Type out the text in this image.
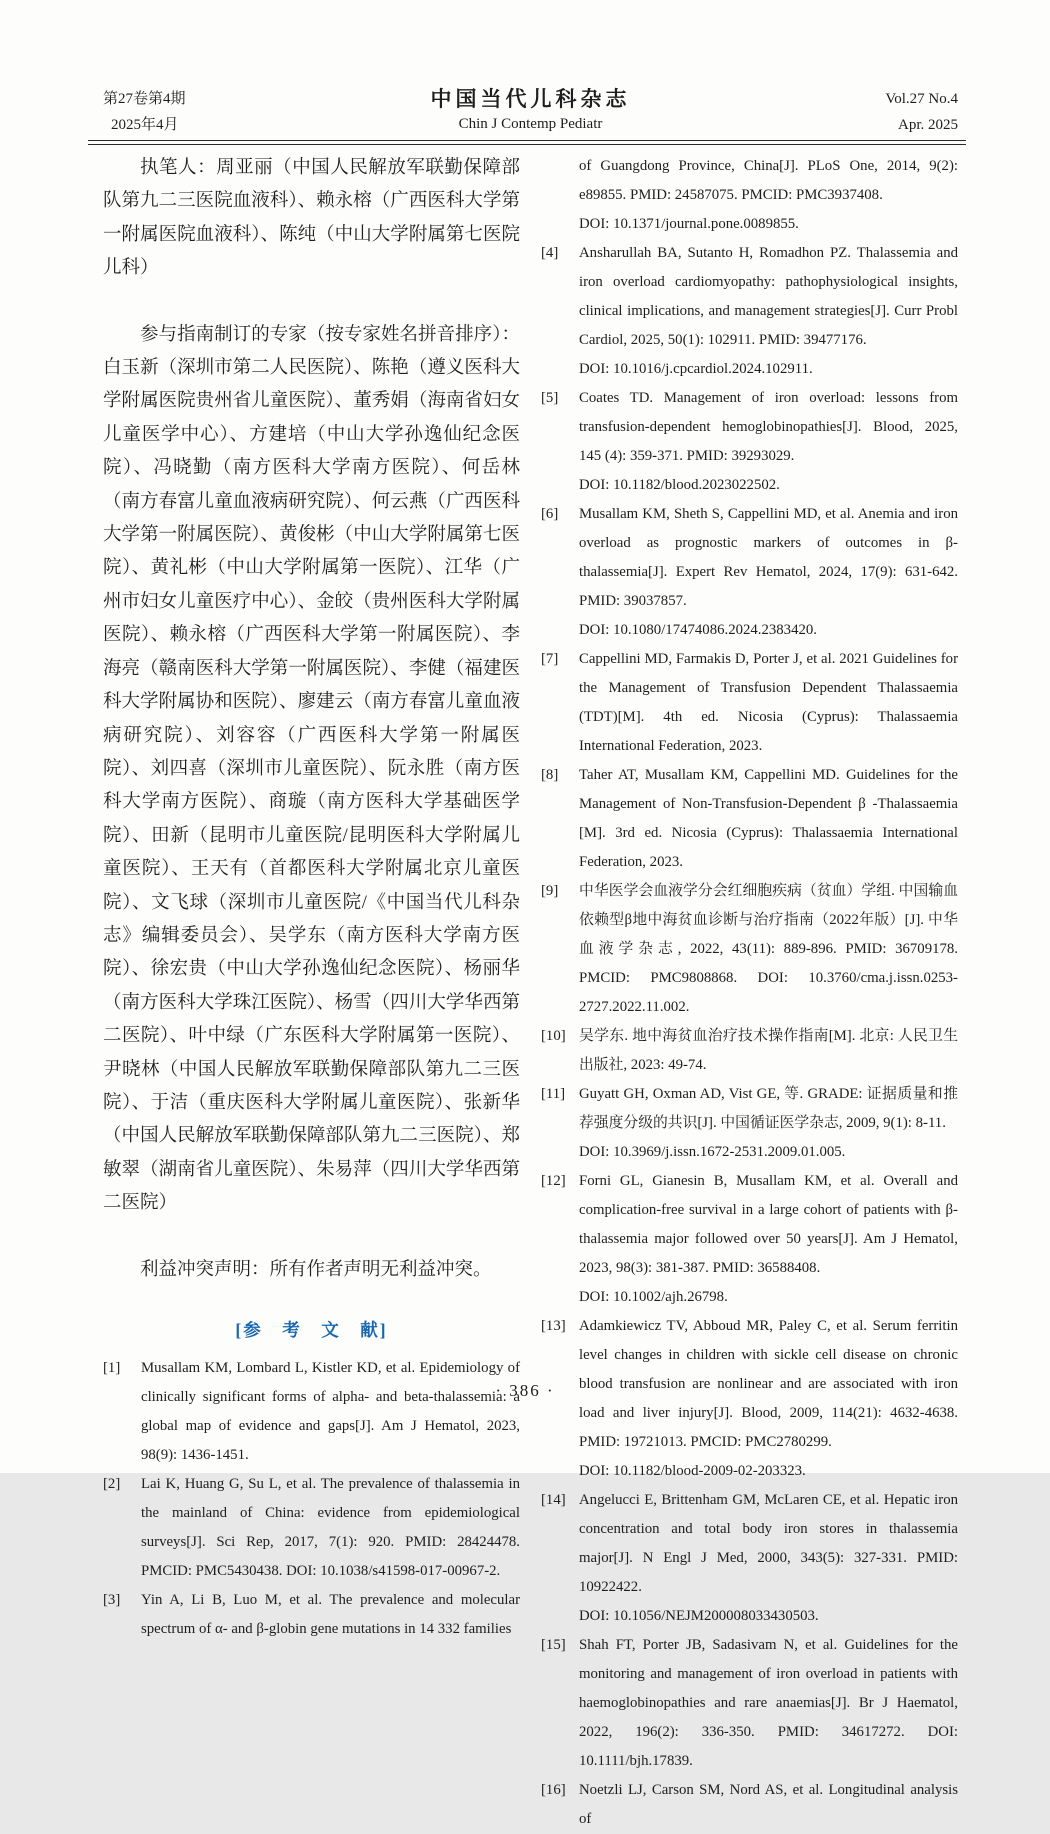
第27卷第4期
2025年4月
中国当代儿科杂志
Chin J Contemp Pediatr
Vol.27 No.4
Apr. 2025

执笔人：周亚丽（中国人民解放军联勤保障部队第九二三医院血液科）、赖永榕（广西医科大学第一附属医院血液科）、陈纯（中山大学附属第七医院儿科）

参与指南制订的专家（按专家姓名拼音排序）：白玉新（深圳市第二人民医院）、陈艳（遵义医科大学附属医院贵州省儿童医院）、董秀娟（海南省妇女儿童医学中心）、方建培（中山大学孙逸仙纪念医院）、冯晓勤（南方医科大学南方医院）、何岳林（南方春富儿童血液病研究院）、何云燕（广西医科大学第一附属医院）、黄俊彬（中山大学附属第七医院）、黄礼彬（中山大学附属第一医院）、江华（广州市妇女儿童医疗中心）、金皎（贵州医科大学附属医院）、赖永榕（广西医科大学第一附属医院）、李海亮（赣南医科大学第一附属医院）、李健（福建医科大学附属协和医院）、廖建云（南方春富儿童血液病研究院）、刘容容（广西医科大学第一附属医院）、刘四喜（深圳市儿童医院）、阮永胜（南方医科大学南方医院）、商璇（南方医科大学基础医学院）、田新（昆明市儿童医院/昆明医科大学附属儿童医院）、王天有（首都医科大学附属北京儿童医院）、文飞球（深圳市儿童医院/《中国当代儿科杂志》编辑委员会）、吴学东（南方医科大学南方医院）、徐宏贵（中山大学孙逸仙纪念医院）、杨丽华（南方医科大学珠江医院）、杨雪（四川大学华西第二医院）、叶中绿（广东医科大学附属第一医院）、尹晓林（中国人民解放军联勤保障部队第九二三医院）、于洁（重庆医科大学附属儿童医院）、张新华（中国人民解放军联勤保障部队第九二三医院）、郑敏翠（湖南省儿童医院）、朱易萍（四川大学华西第二医院）

利益冲突声明：所有作者声明无利益冲突。

[参　考　文　献]
[1] Musallam KM, Lombard L, Kistler KD, et al. Epidemiology of clinically significant forms of alpha- and beta-thalassemia: a global map of evidence and gaps[J]. Am J Hematol, 2023, 98(9): 1436-1451.
[2] Lai K, Huang G, Su L, et al. The prevalence of thalassemia in the mainland of China: evidence from epidemiological surveys[J]. Sci Rep, 2017, 7(1): 920. PMID: 28424478. PMCID: PMC5430438. DOI: 10.1038/s41598-017-00967-2.
[3] Yin A, Li B, Luo M, et al. The prevalence and molecular spectrum of α- and β-globin gene mutations in 14 332 families
of Guangdong Province, China[J]. PLoS One, 2014, 9(2): e89855. PMID: 24587075. PMCID: PMC3937408.
DOI: 10.1371/journal.pone.0089855.
[4] Ansharullah BA, Sutanto H, Romadhon PZ. Thalassemia and iron overload cardiomyopathy: pathophysiological insights, clinical implications, and management strategies[J]. Curr Probl Cardiol, 2025, 50(1): 102911. PMID: 39477176.
DOI: 10.1016/j.cpcardiol.2024.102911.
[5] Coates TD. Management of iron overload: lessons from transfusion-dependent hemoglobinopathies[J]. Blood, 2025, 145 (4): 359-371. PMID: 39293029.
DOI: 10.1182/blood.2023022502.
[6] Musallam KM, Sheth S, Cappellini MD, et al. Anemia and iron overload as prognostic markers of outcomes in β-thalassemia[J]. Expert Rev Hematol, 2024, 17(9): 631-642. PMID: 39037857.
DOI: 10.1080/17474086.2024.2383420.
[7] Cappellini MD, Farmakis D, Porter J, et al. 2021 Guidelines for the Management of Transfusion Dependent Thalassaemia (TDT)[M]. 4th ed. Nicosia (Cyprus): Thalassaemia International Federation, 2023.
[8] Taher AT, Musallam KM, Cappellini MD. Guidelines for the Management of Non-Transfusion-Dependent β -Thalassaemia [M]. 3rd ed. Nicosia (Cyprus): Thalassaemia International Federation, 2023.
[9] 中华医学会血液学分会红细胞疾病（贫血）学组. 中国输血依赖型β地中海贫血诊断与治疗指南（2022年版）[J]. 中华血液学杂志, 2022, 43(11): 889-896. PMID: 36709178. PMCID: PMC9808868. DOI: 10.3760/cma.j.issn.0253-2727.2022.11.002.
[10] 吴学东. 地中海贫血治疗技术操作指南[M]. 北京: 人民卫生出版社, 2023: 49-74.
[11] Guyatt GH, Oxman AD, Vist GE, 等. GRADE: 证据质量和推荐强度分级的共识[J]. 中国循证医学杂志, 2009, 9(1): 8-11.
DOI: 10.3969/j.issn.1672-2531.2009.01.005.
[12] Forni GL, Gianesin B, Musallam KM, et al. Overall and complication-free survival in a large cohort of patients with β-thalassemia major followed over 50 years[J]. Am J Hematol, 2023, 98(3): 381-387. PMID: 36588408.
DOI: 10.1002/ajh.26798.
[13] Adamkiewicz TV, Abboud MR, Paley C, et al. Serum ferritin level changes in children with sickle cell disease on chronic blood transfusion are nonlinear and are associated with iron load and liver injury[J]. Blood, 2009, 114(21): 4632-4638. PMID: 19721013. PMCID: PMC2780299.
DOI: 10.1182/blood-2009-02-203323.
[14] Angelucci E, Brittenham GM, McLaren CE, et al. Hepatic iron concentration and total body iron stores in thalassemia major[J]. N Engl J Med, 2000, 343(5): 327-331. PMID: 10922422.
DOI: 10.1056/NEJM200008033430503.
[15] Shah FT, Porter JB, Sadasivam N, et al. Guidelines for the monitoring and management of iron overload in patients with haemoglobinopathies and rare anaemias[J]. Br J Haematol, 2022, 196(2): 336-350. PMID: 34617272. DOI: 10.1111/bjh.17839.
[16] Noetzli LJ, Carson SM, Nord AS, et al. Longitudinal analysis of
· 386 ·
